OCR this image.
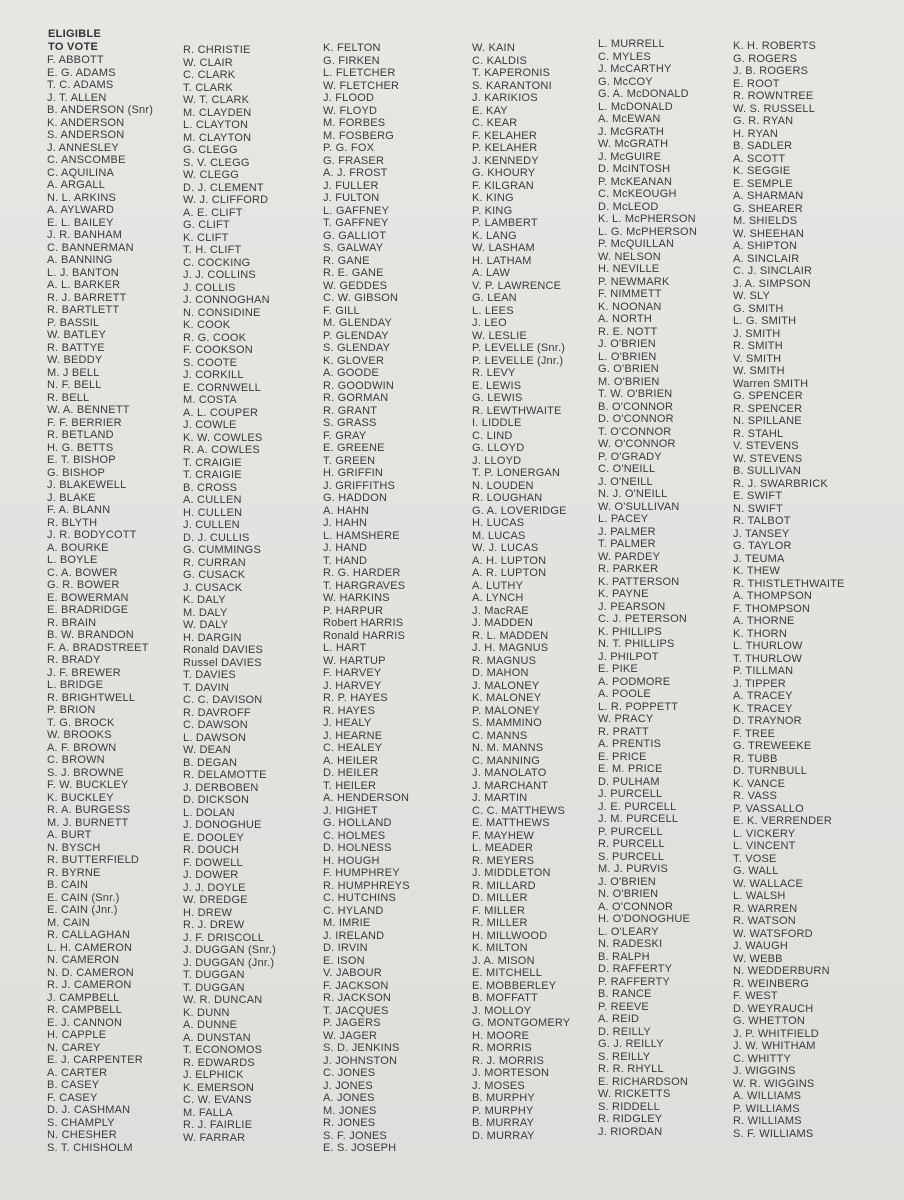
ELIGIBLE
TO VOTE
F. ABBOTT
E. G. ADAMS
T. C. ADAMS
J. T. ALLEN
B. ANDERSON (Snr)
K. ANDERSON
S. ANDERSON
J. ANNESLEY
C. ANSCOMBE
C. AQUILINA
A. ARGALL
N. L. ARKINS
A. AYLWARD
E. L. BAILEY
J. R. BANHAM
C. BANNERMAN
A. BANNING
L. J. BANTON
A. L. BARKER
R. J. BARRETT
R. BARTLETT
P. BASSIL
W. BATLEY
R. BATTYE
W. BEDDY
M. J BELL
N. F. BELL
R. BELL
W. A. BENNETT
F. F. BERRIER
R. BETLAND
H. G. BETTS
E. T. BISHOP
G. BISHOP
J. BLAKEWELL
J. BLAKE
F. A. BLANN
R. BLYTH
J. R. BODYCOTT
A. BOURKE
L. BOYLE
C. A. BOWER
G. R. BOWER
E. BOWERMAN
E. BRADRIDGE
R. BRAIN
B. W. BRANDON
F. A. BRADSTREET
R. BRADY
J. F. BREWER
L. BRIDGE
R. BRIGHTWELL
P. BRION
T. G. BROCK
W. BROOKS
A. F. BROWN
C. BROWN
S. J. BROWNE
F. W. BUCKLEY
K. BUCKLEY
R. A. BURGESS
M. J. BURNETT
A. BURT
N. BYSCH
R. BUTTERFIELD
R. BYRNE
B. CAIN
E. CAIN (Snr.)
E. CAIN (Jnr.)
M. CAIN
R. CALLAGHAN
L. H. CAMERON
N. CAMERON
N. D. CAMERON
R. J. CAMERON
J. CAMPBELL
R. CAMPBELL
E. J. CANNON
H. CAPPLE
N. CAREY
E. J. CARPENTER
A. CARTER
B. CASEY
F. CASEY
D. J. CASHMAN
S. CHAMPLY
N. CHESHER
S. T. CHISHOLM
R. CHRISTIE
W. CLAIR
C. CLARK
T. CLARK
W. T. CLARK
M. CLAYDEN
L. CLAYTON
M. CLAYTON
G. CLEGG
S. V. CLEGG
W. CLEGG
D. J. CLEMENT
W. J. CLIFFORD
A. E. CLIFT
G. CLIFT
K. CLIFT
T. H. CLIFT
C. COCKING
J. J. COLLINS
J. COLLIS
J. CONNOGHAN
N. CONSIDINE
K. COOK
R. G. COOK
F. COOKSON
S. COOTE
J. CORKILL
E. CORNWELL
M. COSTA
A. L. COUPER
J. COWLE
K. W. COWLES
R. A. COWLES
T. CRAIGIE
T. CRAIGIE
B. CROSS
A. CULLEN
H. CULLEN
J. CULLEN
D. J. CULLIS
G. CUMMINGS
R. CURRAN
G. CUSACK
J. CUSACK
K. DALY
M. DALY
W. DALY
H. DARGIN
Ronald DAVIES
Russel DAVIES
T. DAVIES
T. DAVIN
C. C. DAVISON
R. DAVROFF
C. DAWSON
L. DAWSON
W. DEAN
B. DEGAN
R. DELAMOTTE
J. DERBOBEN
D. DICKSON
L. DOLAN
J. DONOGHUE
E. DOOLEY
R. DOUCH
F. DOWELL
J. DOWER
J. J. DOYLE
W. DREDGE
H. DREW
R. J. DREW
J. F. DRISCOLL
J. DUGGAN (Snr.)
J. DUGGAN (Jnr.)
T. DUGGAN
T. DUGGAN
W. R. DUNCAN
K. DUNN
A. DUNNE
A. DUNSTAN
T. ECONOMOS
R. EDWARDS
J. ELPHICK
K. EMERSON
C. W. EVANS
M. FALLA
R. J. FAIRLIE
W. FARRAR
K. FELTON
G. FIRKEN
L. FLETCHER
W. FLETCHER
J. FLOOD
W. FLOYD
M. FORBES
M. FOSBERG
P. G. FOX
G. FRASER
A. J. FROST
J. FULLER
J. FULTON
L. GAFFNEY
T. GAFFNEY
G. GALLIOT
S. GALWAY
R. GANE
R. E. GANE
W. GEDDES
C. W. GIBSON
F. GILL
M. GLENDAY
P. GLENDAY
S. GLENDAY
K. GLOVER
A. GOODE
R. GOODWIN
R. GORMAN
R. GRANT
S. GRASS
F. GRAY
E. GREENE
T. GREEN
H. GRIFFIN
J. GRIFFITHS
G. HADDON
A. HAHN
J. HAHN
L. HAMSHERE
J. HAND
T. HAND
R. G. HARDER
T. HARGRAVES
W. HARKINS
P. HARPUR
Robert HARRIS
Ronald HARRIS
L. HART
W. HARTUP
F. HARVEY
J. HARVEY
R. P. HAYES
R. HAYES
J. HEALY
J. HEARNE
C. HEALEY
A. HEILER
D. HEILER
T. HEILER
A. HENDERSON
J. HIGHET
G. HOLLAND
C. HOLMES
D. HOLNESS
H. HOUGH
F. HUMPHREY
R. HUMPHREYS
C. HUTCHINS
C. HYLAND
M. IMRIE
J. IRELAND
D. IRVIN
E. ISON
V. JABOUR
F. JACKSON
R. JACKSON
T. JACQUES
P. JAGERS
W. JAGER
S. D. JENKINS
J. JOHNSTON
C. JONES
J. JONES
A. JONES
M. JONES
R. JONES
S. F. JONES
E. S. JOSEPH
W. KAIN
C. KALDIS
T. KAPERONIS
S. KARANTONI
J. KARIKIOS
E. KAY
C. KEAR
F. KELAHER
P. KELAHER
J. KENNEDY
G. KHOURY
F. KILGRAN
K. KING
P. KING
P. LAMBERT
K. LANG
W. LASHAM
H. LATHAM
A. LAW
V. P. LAWRENCE
G. LEAN
L. LEES
J. LEO
W. LESLIE
P. LEVELLE (Snr.)
P. LEVELLE (Jnr.)
R. LEVY
E. LEWIS
G. LEWIS
R. LEWTHWAITE
I. LIDDLE
C. LIND
G. LLOYD
J. LLOYD
T. P. LONERGAN
N. LOUDEN
R. LOUGHAN
G. A. LOVERIDGE
H. LUCAS
M. LUCAS
W. J. LUCAS
A. H. LUPTON
A. R. LUPTON
A. LUTHY
A. LYNCH
J. MacRAE
J. MADDEN
R. L. MADDEN
J. H. MAGNUS
R. MAGNUS
D. MAHON
J. MALONEY
K. MALONEY
P. MALONEY
S. MAMMINO
C. MANNS
N. M. MANNS
C. MANNING
J. MANOLATO
J. MARCHANT
J. MARTIN
C. C. MATTHEWS
E. MATTHEWS
F. MAYHEW
L. MEADER
R. MEYERS
J. MIDDLETON
R. MILLARD
D. MILLER
F. MILLER
R. MILLER
H. MILLWOOD
K. MILTON
J. A. MISON
E. MITCHELL
E. MOBBERLEY
B. MOFFATT
J. MOLLOY
G. MONTGOMERY
H. MOORE
R. MORRIS
R. J. MORRIS
J. MORTESON
J. MOSES
B. MURPHY
P. MURPHY
B. MURRAY
D. MURRAY
L. MURRELL
C. MYLES
J. McCARTHY
G. McCOY
G. A. McDONALD
L. McDONALD
A. McEWAN
J. McGRATH
W. McGRATH
J. McGUIRE
D. McINTOSH
P. McKEANAN
C. McKEOUGH
D. McLEOD
K. L. McPHERSON
L. G. McPHERSON
P. McQUILLAN
W. NELSON
H. NEVILLE
P. NEWMARK
F. NIMMETT
K. NOONAN
A. NORTH
R. E. NOTT
J. O'BRIEN
L. O'BRIEN
G. O'BRIEN
M. O'BRIEN
T. W. O'BRIEN
B. O'CONNOR
D. O'CONNOR
T. O'CONNOR
W. O'CONNOR
P. O'GRADY
C. O'NEILL
J. O'NEILL
N. J. O'NEILL
W. O'SULLIVAN
L. PACEY
J. PALMER
T. PALMER
W. PARDEY
R. PARKER
K. PATTERSON
K. PAYNE
J. PEARSON
C. J. PETERSON
K. PHILLIPS
N. T. PHILLIPS
J. PHILPOT
E. PIKE
A. PODMORE
A. POOLE
L. R. POPPETT
W. PRACY
R. PRATT
A. PRENTIS
E. PRICE
E. M. PRICE
D. PULHAM
J. PURCELL
J. E. PURCELL
J. M. PURCELL
P. PURCELL
R. PURCELL
S. PURCELL
M. J. PURVIS
J. O'BRIEN
N. O'BRIEN
A. O'CONNOR
H. O'DONOGHUE
L. O'LEARY
N. RADESKI
B. RALPH
D. RAFFERTY
P. RAFFERTY
B. RANCE
P. REEVE
A. REID
D. REILLY
G. J. REILLY
S. REILLY
R. R. RHYLL
E. RICHARDSON
W. RICKETTS
S. RIDDELL
R. RIDGLEY
J. RIORDAN
K. H. ROBERTS
G. ROGERS
J. B. ROGERS
E. ROOT
R. ROWNTREE
W. S. RUSSELL
G. R. RYAN
H. RYAN
B. SADLER
A. SCOTT
K. SEGGIE
E. SEMPLE
A. SHARMAN
G. SHEARER
M. SHIELDS
W. SHEEHAN
A. SHIPTON
A. SINCLAIR
C. J. SINCLAIR
J. A. SIMPSON
W. SLY
G. SMITH
L. G. SMITH
J. SMITH
R. SMITH
V. SMITH
W. SMITH
Warren SMITH
G. SPENCER
R. SPENCER
N. SPILLANE
R. STAHL
V. STEVENS
W. STEVENS
B. SULLIVAN
R. J. SWARBRICK
E. SWIFT
N. SWIFT
R. TALBOT
J. TANSEY
G. TAYLOR
J. TEUMA
K. THEW
R. THISTLETHWAITE
A. THOMPSON
F. THOMPSON
A. THORNE
K. THORN
L. THURLOW
T. THURLOW
P. TILLMAN
J. TIPPER
A. TRACEY
K. TRACEY
D. TRAYNOR
F. TREE
G. TREWEEKE
R. TUBB
D. TURNBULL
K. VANCE
R. VASS
P. VASSALLO
E. K. VERRENDER
L. VICKERY
L. VINCENT
T. VOSE
G. WALL
W. WALLACE
L. WALSH
R. WARREN
R. WATSON
W. WATSFORD
J. WAUGH
W. WEBB
N. WEDDERBURN
R. WEINBERG
F. WEST
D. WEYRAUCH
G. WHETTON
J. P. WHITFIELD
J. W. WHITHAM
C. WHITTY
J. WIGGINS
W. R. WIGGINS
A. WILLIAMS
P. WILLIAMS
R. WILLIAMS
S. F. WILLIAMS
